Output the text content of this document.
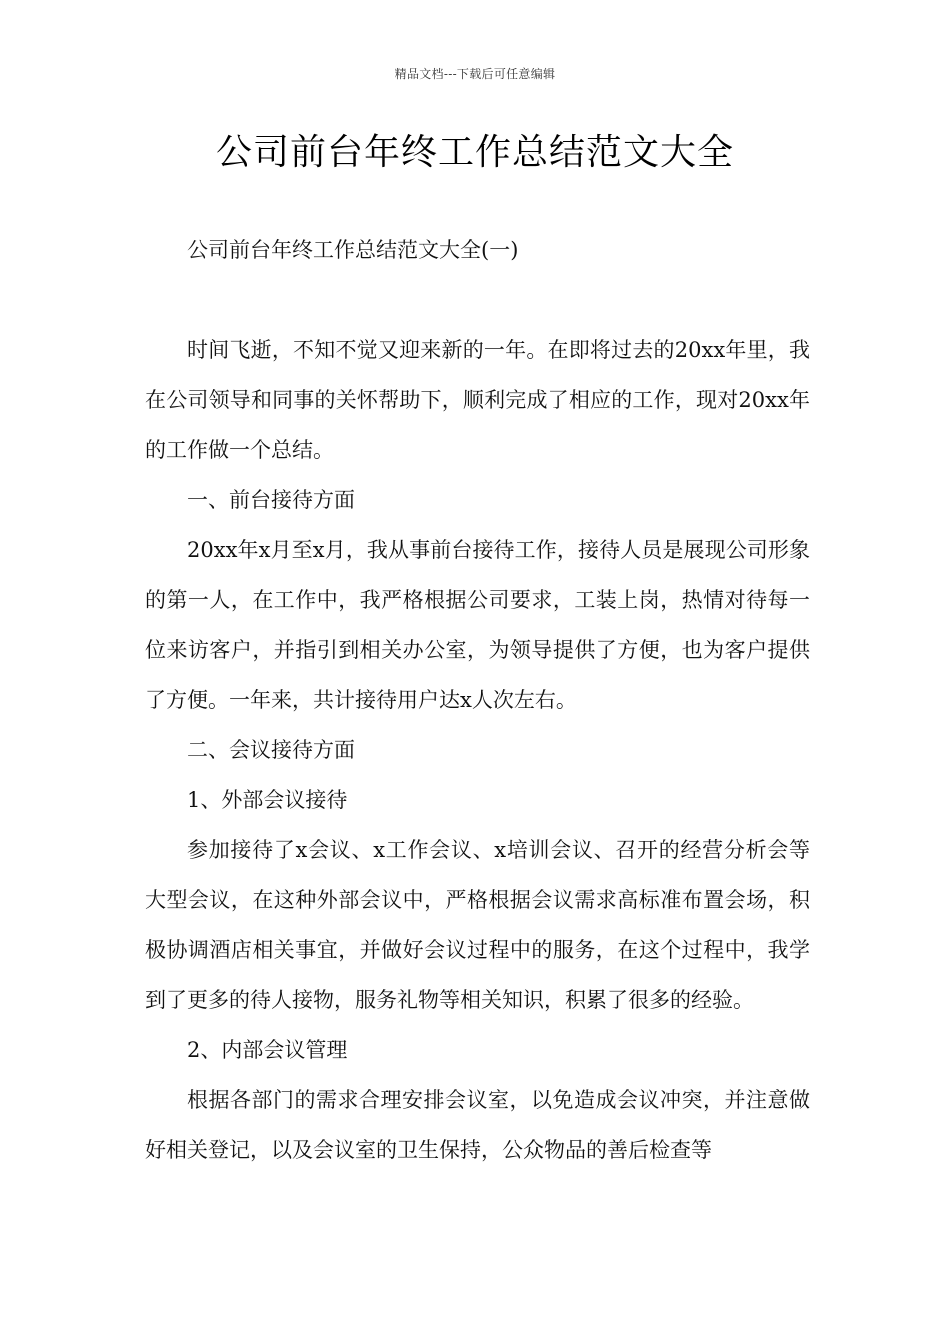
精品文档---下载后可任意编辑
公司前台年终工作总结范文大全

公司前台年终工作总结范文大全(一)

时间飞逝，不知不觉又迎来新的一年。在即将过去的20xx年里，我在公司领导和同事的关怀帮助下，顺利完成了相应的工作，现对20xx年的工作做一个总结。

一、前台接待方面

20xx年x月至x月，我从事前台接待工作，接待人员是展现公司形象的第一人，在工作中，我严格根据公司要求，工装上岗，热情对待每一位来访客户，并指引到相关办公室，为领导提供了方便，也为客户提供了方便。一年来，共计接待用户达x人次左右。

二、会议接待方面

1、外部会议接待

参加接待了x会议、x工作会议、x培训会议、召开的经营分析会等大型会议，在这种外部会议中，严格根据会议需求高标准布置会场，积极协调酒店相关事宜，并做好会议过程中的服务，在这个过程中，我学到了更多的待人接物，服务礼物等相关知识，积累了很多的经验。

2、内部会议管理

根据各部门的需求合理安排会议室，以免造成会议冲突，并注意做好相关登记，以及会议室的卫生保持，公众物品的善后检查等
